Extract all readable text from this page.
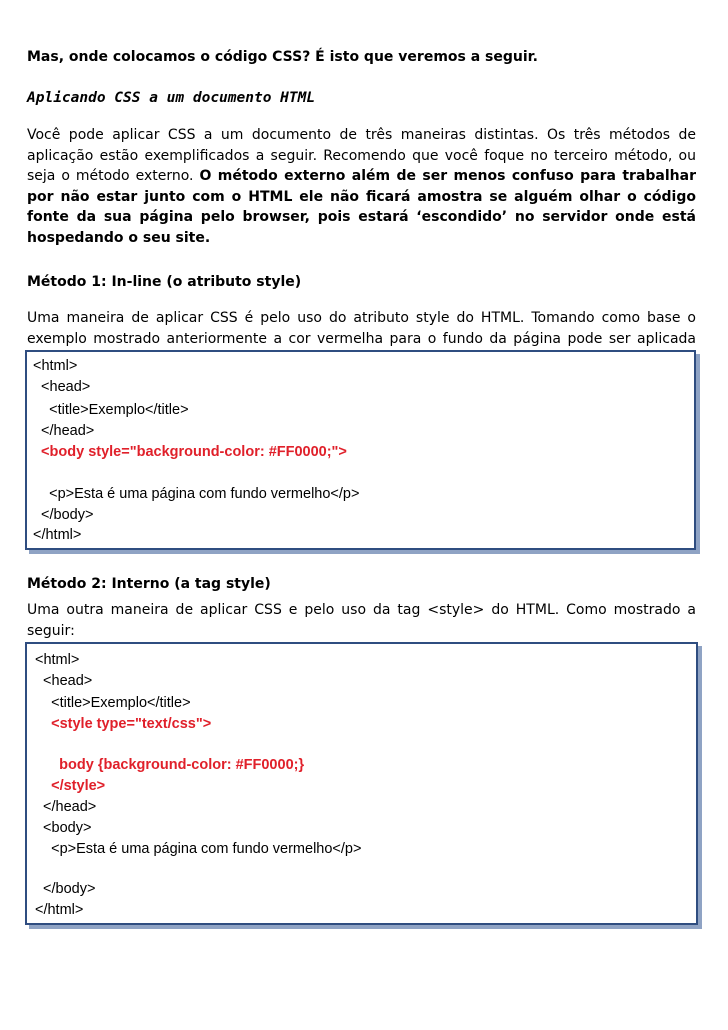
Mas, onde colocamos o código CSS? É isto que veremos a seguir.
Aplicando CSS a um documento HTML

Você pode aplicar CSS a um documento de três maneiras distintas. Os três métodos de aplicação estão exemplificados a seguir. Recomendo que você foque no terceiro método, ou seja o método externo. O método externo além de ser menos confuso para trabalhar por não estar junto com o HTML ele não ficará amostra se alguém olhar o código fonte da sua página pelo browser, pois estará ‘escondido’ no servidor onde está hospedando o seu site.

Método 1: In-line (o atributo style)

Uma maneira de aplicar CSS é pelo uso do atributo style do HTML. Tomando como base o exemplo mostrado anteriormente a cor vermelha para o fundo da página pode ser aplicada

<html>
<head>
<title>Exemplo</title>
</head>
<body style="background-color: #FF0000;">
<p>Esta é uma página com fundo vermelho</p>
</body>
</html>
Método 2: Interno (a tag style)

Uma outra maneira de aplicar CSS e pelo uso da tag <style> do HTML. Como mostrado a seguir:

<html>
<head>
<title>Exemplo</title>
<style type="text/css">
body {background-color: #FF0000;}
</style>
</head>
<body>
<p>Esta é uma página com fundo vermelho</p>
</body>
</html>
